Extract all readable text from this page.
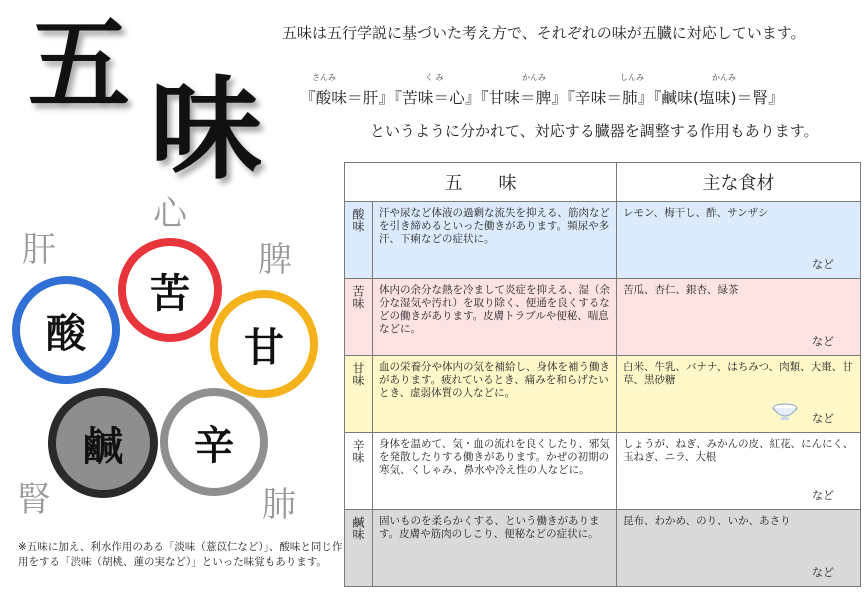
五 味
五味は五行学説に基づいた考え方で、それぞれの味が五臓に対応しています。
さんみ	く み	かんみ	しんみ	かんみ
『酸味＝肝』『苦味＝心』『甘味＝脾』『辛味＝肺』『鹹味(塩味)＝腎』
というように分かれて、対応する臓器を調整する作用もあります。
心
肝	脾
腎	肺
苦
甘
辛
鹹
酸
※五味に加え、利水作用のある「淡味（薏苡仁など）」、酸味と同じ作用をする「渋味（胡桃、蓮の実など）」といった味覚もあります。
五　　味		主な食材

酸味	汗や尿など体液の過剰な流失を抑える、筋肉などを引き締めるといった働きがあります。頻尿や多汗、下痢などの症状に。	レモン、梅干し、酢、サンザシ
など

苦味	体内の余分な熱を冷まして炎症を抑える、湿（余分な湿気や汚れ）を取り除く、便通を良くするなどの働きがあります。皮膚トラブルや便秘、喘息などに。	苦瓜、杏仁、銀杏、緑茶
など

甘味	血の栄養分や体内の気を補給し、身体を補う働きがあります。疲れているとき、痛みを和らげたいとき、虚弱体質の人などに。	白米、牛乳、バナナ、はちみつ、肉類、大棗、甘草、黒砂糖
など

辛味	身体を温めて、気・血の流れを良くしたり、邪気を発散したりする働きがあります。かぜの初期の寒気、くしゃみ、鼻水や冷え性の人などに。	しょうが、ねぎ、みかんの皮、紅花、にんにく、玉ねぎ、ニラ、大根
など

鹹味	固いものを柔らかくする、という働きがあります。皮膚や筋肉のしこり、便秘などの症状に。	昆布、わかめ、のり、いか、あさり
など
